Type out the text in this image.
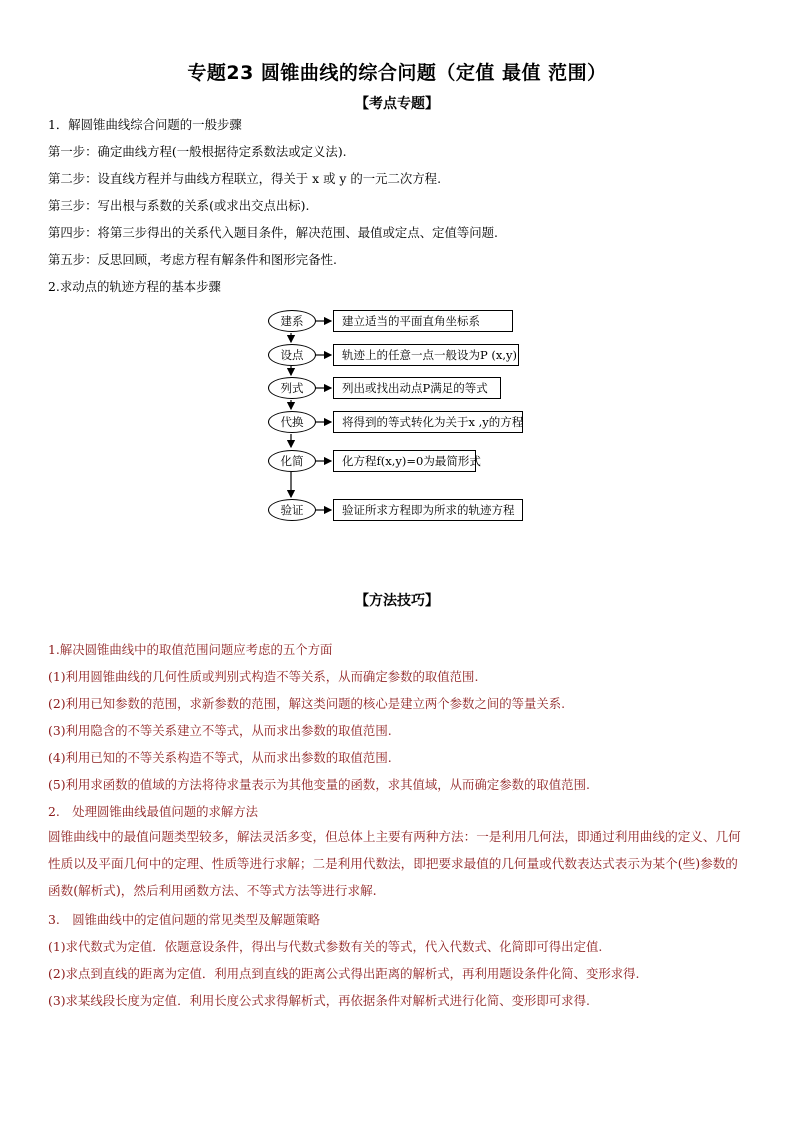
专题23 圆锥曲线的综合问题（定值 最值 范围）
【考点专题】
1．解圆锥曲线综合问题的一般步骤
第一步：确定曲线方程(一般根据待定系数法或定义法).
第二步：设直线方程并与曲线方程联立，得关于 x 或 y 的一元二次方程.
第三步：写出根与系数的关系(或求出交点出标).
第四步：将第三步得出的关系代入题目条件，解决范围、最值或定点、定值等问题.
第五步：反思回顾，考虑方程有解条件和图形完备性.
2.求动点的轨迹方程的基本步骤
建系	建立适当的平面直角坐标系
设点	轨迹上的任意一点一般设为P (x,y)
列式	列出或找出动点P满足的等式
代换	将得到的等式转化为关于x ,y的方程
化简	化方程f(x,y)=0为最简形式
验证	验证所求方程即为所求的轨迹方程
【方法技巧】
1.解决圆锥曲线中的取值范围问题应考虑的五个方面
(1)利用圆锥曲线的几何性质或判别式构造不等关系，从而确定参数的取值范围.
(2)利用已知参数的范围，求新参数的范围，解这类问题的核心是建立两个参数之间的等量关系.
(3)利用隐含的不等关系建立不等式，从而求出参数的取值范围.
(4)利用已知的不等关系构造不等式，从而求出参数的取值范围.
(5)利用求函数的值域的方法将待求量表示为其他变量的函数，求其值域，从而确定参数的取值范围.
2.　处理圆锥曲线最值问题的求解方法
圆锥曲线中的最值问题类型较多，解法灵活多变，但总体上主要有两种方法：一是利用几何法，即通过利用曲线的定义、几何性质以及平面几何中的定理、性质等进行求解；二是利用代数法，即把要求最值的几何量或代数表达式表示为某个(些)参数的函数(解析式)，然后利用函数方法、不等式方法等进行求解.
3.　圆锥曲线中的定值问题的常见类型及解题策略
(1)求代数式为定值．依题意设条件，得出与代数式参数有关的等式，代入代数式、化简即可得出定值.
(2)求点到直线的距离为定值．利用点到直线的距离公式得出距离的解析式，再利用题设条件化简、变形求得.
(3)求某线段长度为定值．利用长度公式求得解析式，再依据条件对解析式进行化简、变形即可求得.
